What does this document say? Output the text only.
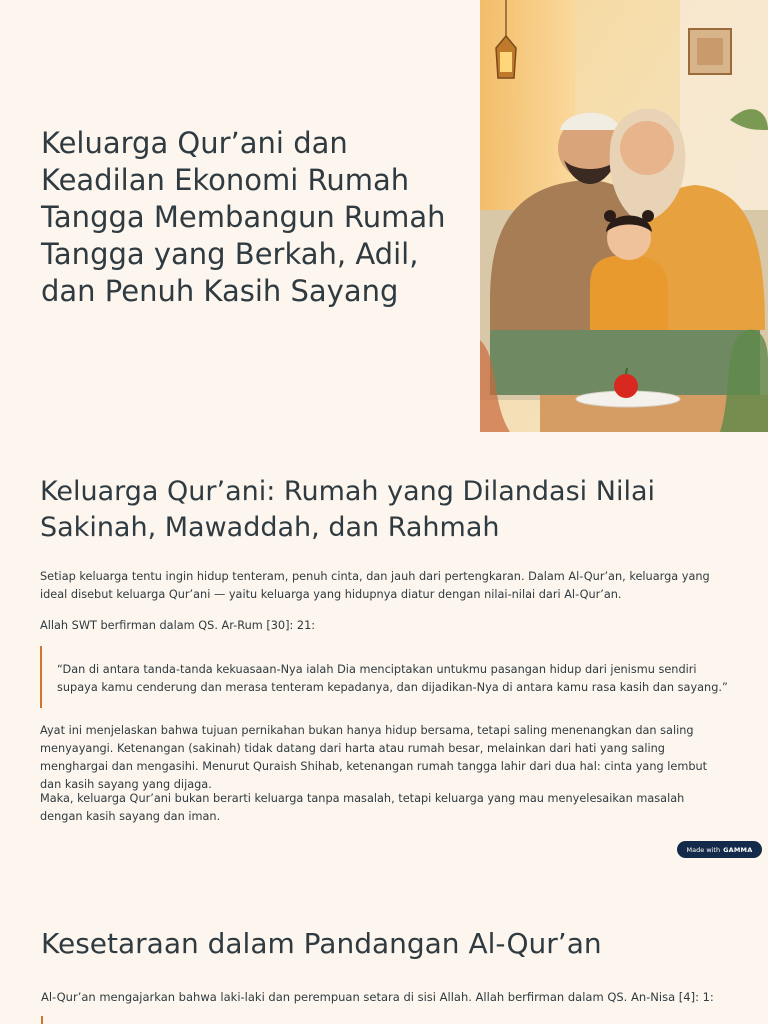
Keluarga Qur’ani dan Keadilan Ekonomi Rumah Tangga Membangun Rumah Tangga yang Berkah, Adil, dan Penuh Kasih Sayang
Keluarga Qur’ani: Rumah yang Dilandasi Nilai Sakinah, Mawaddah, dan Rahmah

Setiap keluarga tentu ingin hidup tenteram, penuh cinta, dan jauh dari pertengkaran. Dalam Al-Qur’an, keluarga yang ideal disebut keluarga Qur’ani — yaitu keluarga yang hidupnya diatur dengan nilai-nilai dari Al-Qur’an.

Allah SWT berfirman dalam QS. Ar-Rum [30]: 21:

“Dan di antara tanda-tanda kekuasaan-Nya ialah Dia menciptakan untukmu pasangan hidup dari jenismu sendiri supaya kamu cenderung dan merasa tenteram kepadanya, dan dijadikan-Nya di antara kamu rasa kasih dan sayang.”

Ayat ini menjelaskan bahwa tujuan pernikahan bukan hanya hidup bersama, tetapi saling menenangkan dan saling menyayangi. Ketenangan (sakinah) tidak datang dari harta atau rumah besar, melainkan dari hati yang saling menghargai dan mengasihi. Menurut Quraish Shihab, ketenangan rumah tangga lahir dari dua hal: cinta yang lembut dan kasih sayang yang dijaga.

Maka, keluarga Qur’ani bukan berarti keluarga tanpa masalah, tetapi keluarga yang mau menyelesaikan masalah dengan kasih sayang dan iman.

Made with GAMMA
Kesetaraan dalam Pandangan Al-Qur’an

Al-Qur’an mengajarkan bahwa laki-laki dan perempuan setara di sisi Allah. Allah berfirman dalam QS. An-Nisa [4]: 1:
